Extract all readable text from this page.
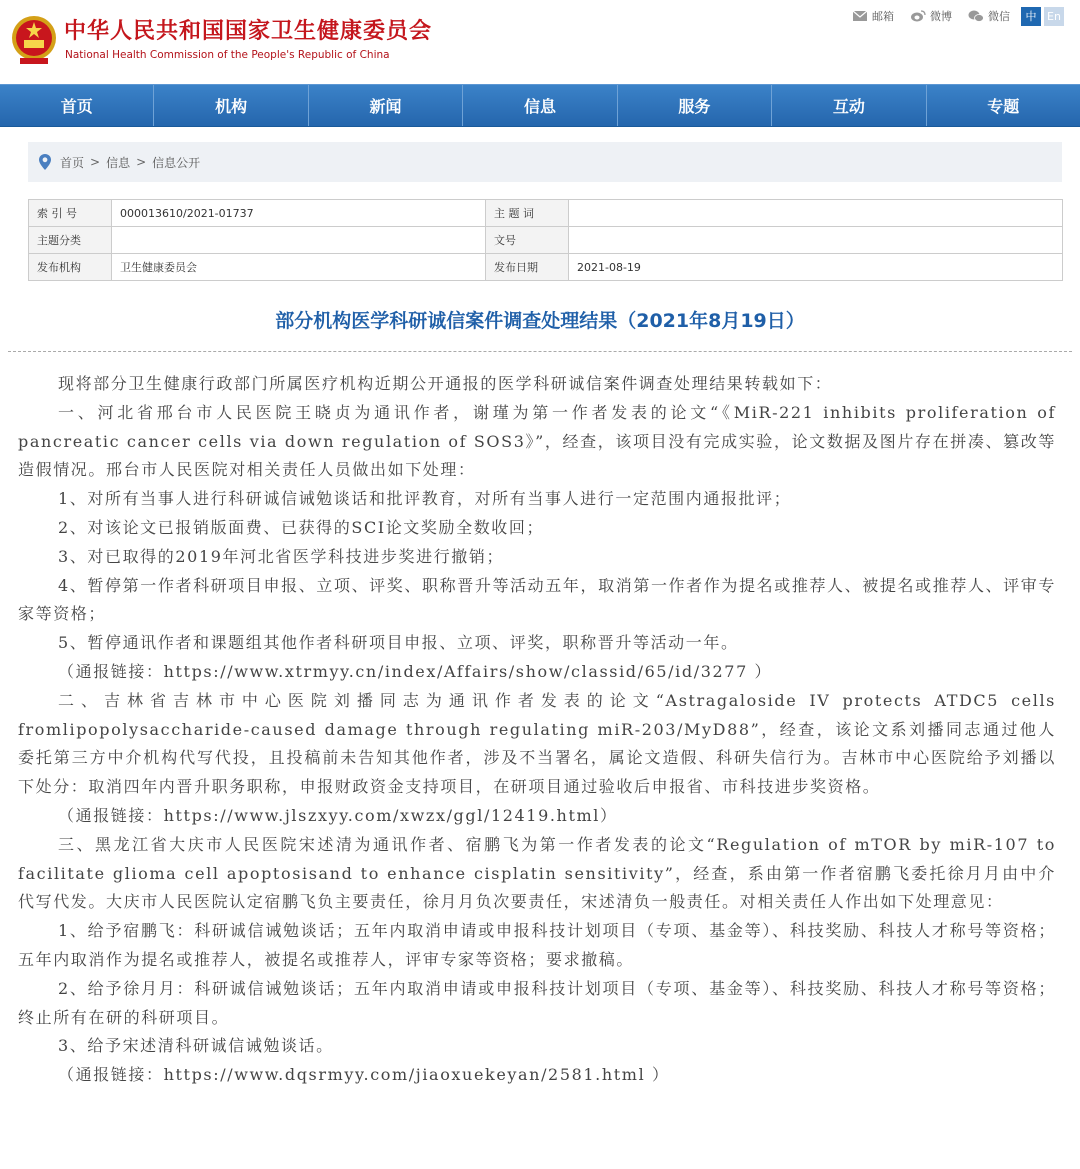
中华人民共和国国家卫生健康委员会
National Health Commission of the People's Republic of China
邮箱	微博	微信	中 En
首页	机构	新闻	信息	服务	互动	专题
首页 > 信息 > 信息公开
索 引 号	000013610/2021-01737	主 题 词	
主题分类		文号	
发布机构	卫生健康委员会	发布日期	2021-08-19
部分机构医学科研诚信案件调查处理结果（2021年8月19日）

现将部分卫生健康行政部门所属医疗机构近期公开通报的医学科研诚信案件调查处理结果转载如下：

一、河北省邢台市人民医院王晓贞为通讯作者，谢瑾为第一作者发表的论文“《MiR-221 inhibits proliferation of pancreatic cancer cells via down regulation of SOS3》”，经查，该项目没有完成实验，论文数据及图片存在拼凑、篡改等造假情况。邢台市人民医院对相关责任人员做出如下处理：

1、对所有当事人进行科研诚信诫勉谈话和批评教育，对所有当事人进行一定范围内通报批评；

2、对该论文已报销版面费、已获得的SCI论文奖励全数收回；

3、对已取得的2019年河北省医学科技进步奖进行撤销；

4、暂停第一作者科研项目申报、立项、评奖、职称晋升等活动五年，取消第一作者作为提名或推荐人、被提名或推荐人、评审专家等资格；

5、暂停通讯作者和课题组其他作者科研项目申报、立项、评奖，职称晋升等活动一年。

（通报链接：https://www.xtrmyy.cn/index/Affairs/show/classid/65/id/3277 ）

二、吉林省吉林市中心医院刘播同志为通讯作者发表的论文“Astragaloside IV protects ATDC5 cells fromlipopolysaccharide-caused damage through regulating miR-203/MyD88”，经查，该论文系刘播同志通过他人委托第三方中介机构代写代投，且投稿前未告知其他作者，涉及不当署名，属论文造假、科研失信行为。吉林市中心医院给予刘播以下处分：取消四年内晋升职务职称，申报财政资金支持项目，在研项目通过验收后申报省、市科技进步奖资格。

（通报链接：https://www.jlszxyy.com/xwzx/ggl/12419.html）

三、黑龙江省大庆市人民医院宋述清为通讯作者、宿鹏飞为第一作者发表的论文“Regulation of mTOR by miR-107 to facilitate glioma cell apoptosisand to enhance cisplatin sensitivity”，经查，系由第一作者宿鹏飞委托徐月月由中介代写代发。大庆市人民医院认定宿鹏飞负主要责任，徐月月负次要责任，宋述清负一般责任。对相关责任人作出如下处理意见：

1、给予宿鹏飞：科研诚信诫勉谈话；五年内取消申请或申报科技计划项目（专项、基金等）、科技奖励、科技人才称号等资格；五年内取消作为提名或推荐人，被提名或推荐人，评审专家等资格；要求撤稿。

2、给予徐月月：科研诚信诫勉谈话；五年内取消申请或申报科技计划项目（专项、基金等）、科技奖励、科技人才称号等资格；终止所有在研的科研项目。

3、给予宋述清科研诚信诫勉谈话。

（通报链接：https://www.dqsrmyy.com/jiaoxuekeyan/2581.html ）
